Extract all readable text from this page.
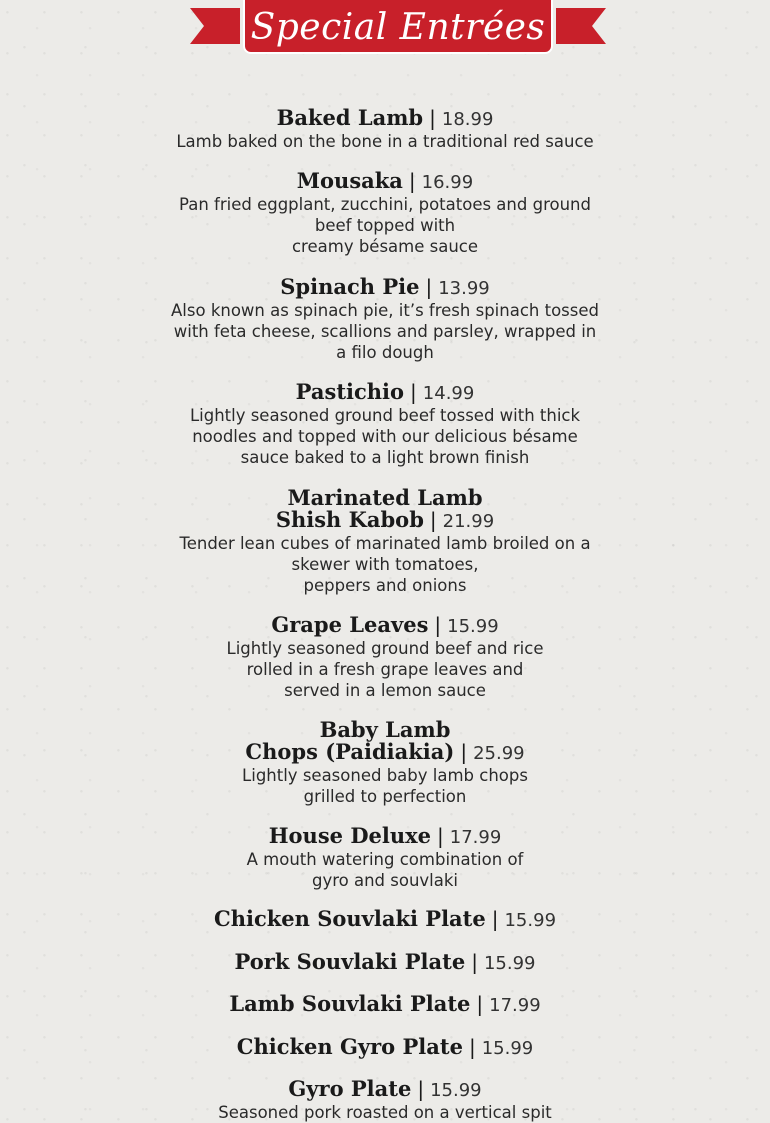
Special Entrées
Baked Lamb | 18.99
Lamb baked on the bone in a traditional red sauce
Mousaka | 16.99
Pan fried eggplant, zucchini, potatoes and ground
beef topped with
creamy bésame sauce
Spinach Pie | 13.99
Also known as spinach pie, it’s fresh spinach tossed
with feta cheese, scallions and parsley, wrapped in
a filo dough
Pastichio | 14.99
Lightly seasoned ground beef tossed with thick
noodles and topped with our delicious bésame
sauce baked to a light brown finish
Marinated Lamb
Shish Kabob | 21.99
Tender lean cubes of marinated lamb broiled on a
skewer with tomatoes,
peppers and onions
Grape Leaves | 15.99
Lightly seasoned ground beef and rice
rolled in a fresh grape leaves and
served in a lemon sauce
Baby Lamb
Chops (Paidiakia) | 25.99
Lightly seasoned baby lamb chops
grilled to perfection
House Deluxe | 17.99
A mouth watering combination of
gyro and souvlaki
Chicken Souvlaki Plate | 15.99
Pork Souvlaki Plate | 15.99
Lamb Souvlaki Plate | 17.99
Chicken Gyro Plate | 15.99
Gyro Plate | 15.99
Seasoned pork roasted on a vertical spit
